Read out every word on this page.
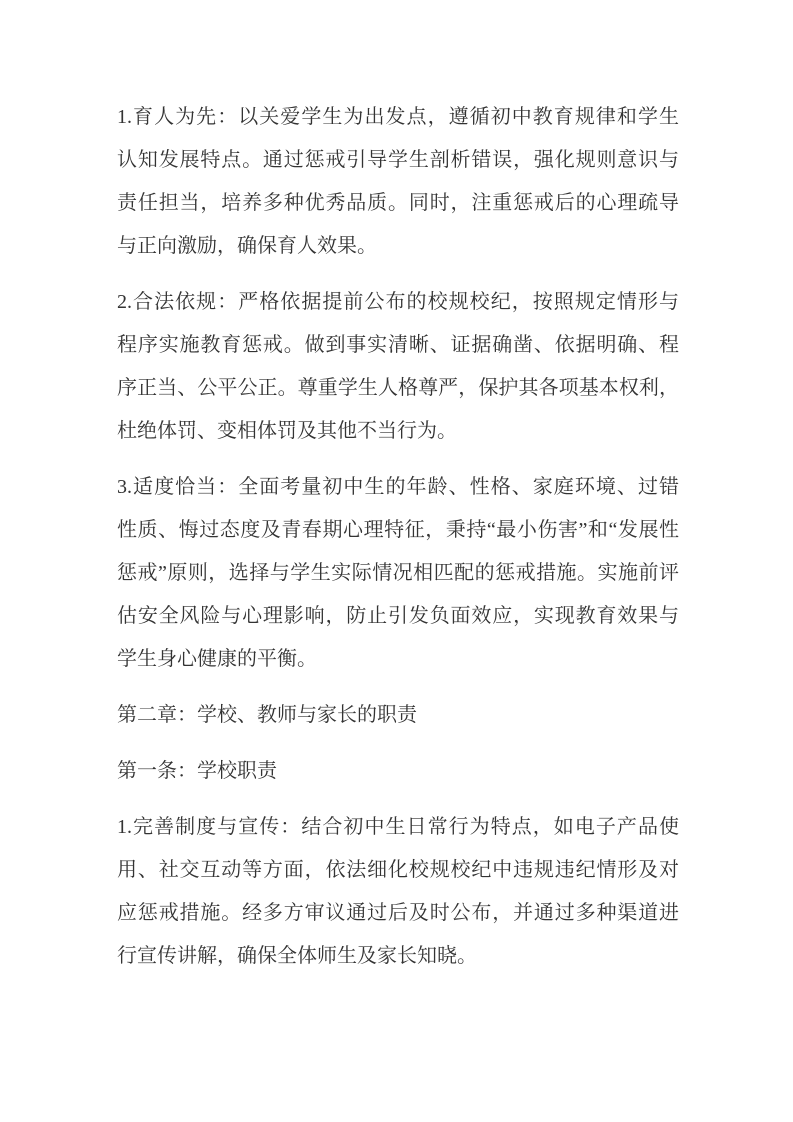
1.育人为先：以关爱学生为出发点，遵循初中教育规律和学生
认知发展特点。通过惩戒引导学生剖析错误，强化规则意识与
责任担当，培养多种优秀品质。同时，注重惩戒后的心理疏导
与正向激励，确保育人效果。
2.合法依规：严格依据提前公布的校规校纪，按照规定情形与
程序实施教育惩戒。做到事实清晰、证据确凿、依据明确、程
序正当、公平公正。尊重学生人格尊严，保护其各项基本权利，
杜绝体罚、变相体罚及其他不当行为。
3.适度恰当：全面考量初中生的年龄、性格、家庭环境、过错
性质、悔过态度及青春期心理特征，秉持“最小伤害”和“发展性
惩戒”原则，选择与学生实际情况相匹配的惩戒措施。实施前评
估安全风险与心理影响，防止引发负面效应，实现教育效果与
学生身心健康的平衡。
第二章：学校、教师与家长的职责
第一条：学校职责
1.完善制度与宣传：结合初中生日常行为特点，如电子产品使
用、社交互动等方面，依法细化校规校纪中违规违纪情形及对
应惩戒措施。经多方审议通过后及时公布，并通过多种渠道进
行宣传讲解，确保全体师生及家长知晓。
